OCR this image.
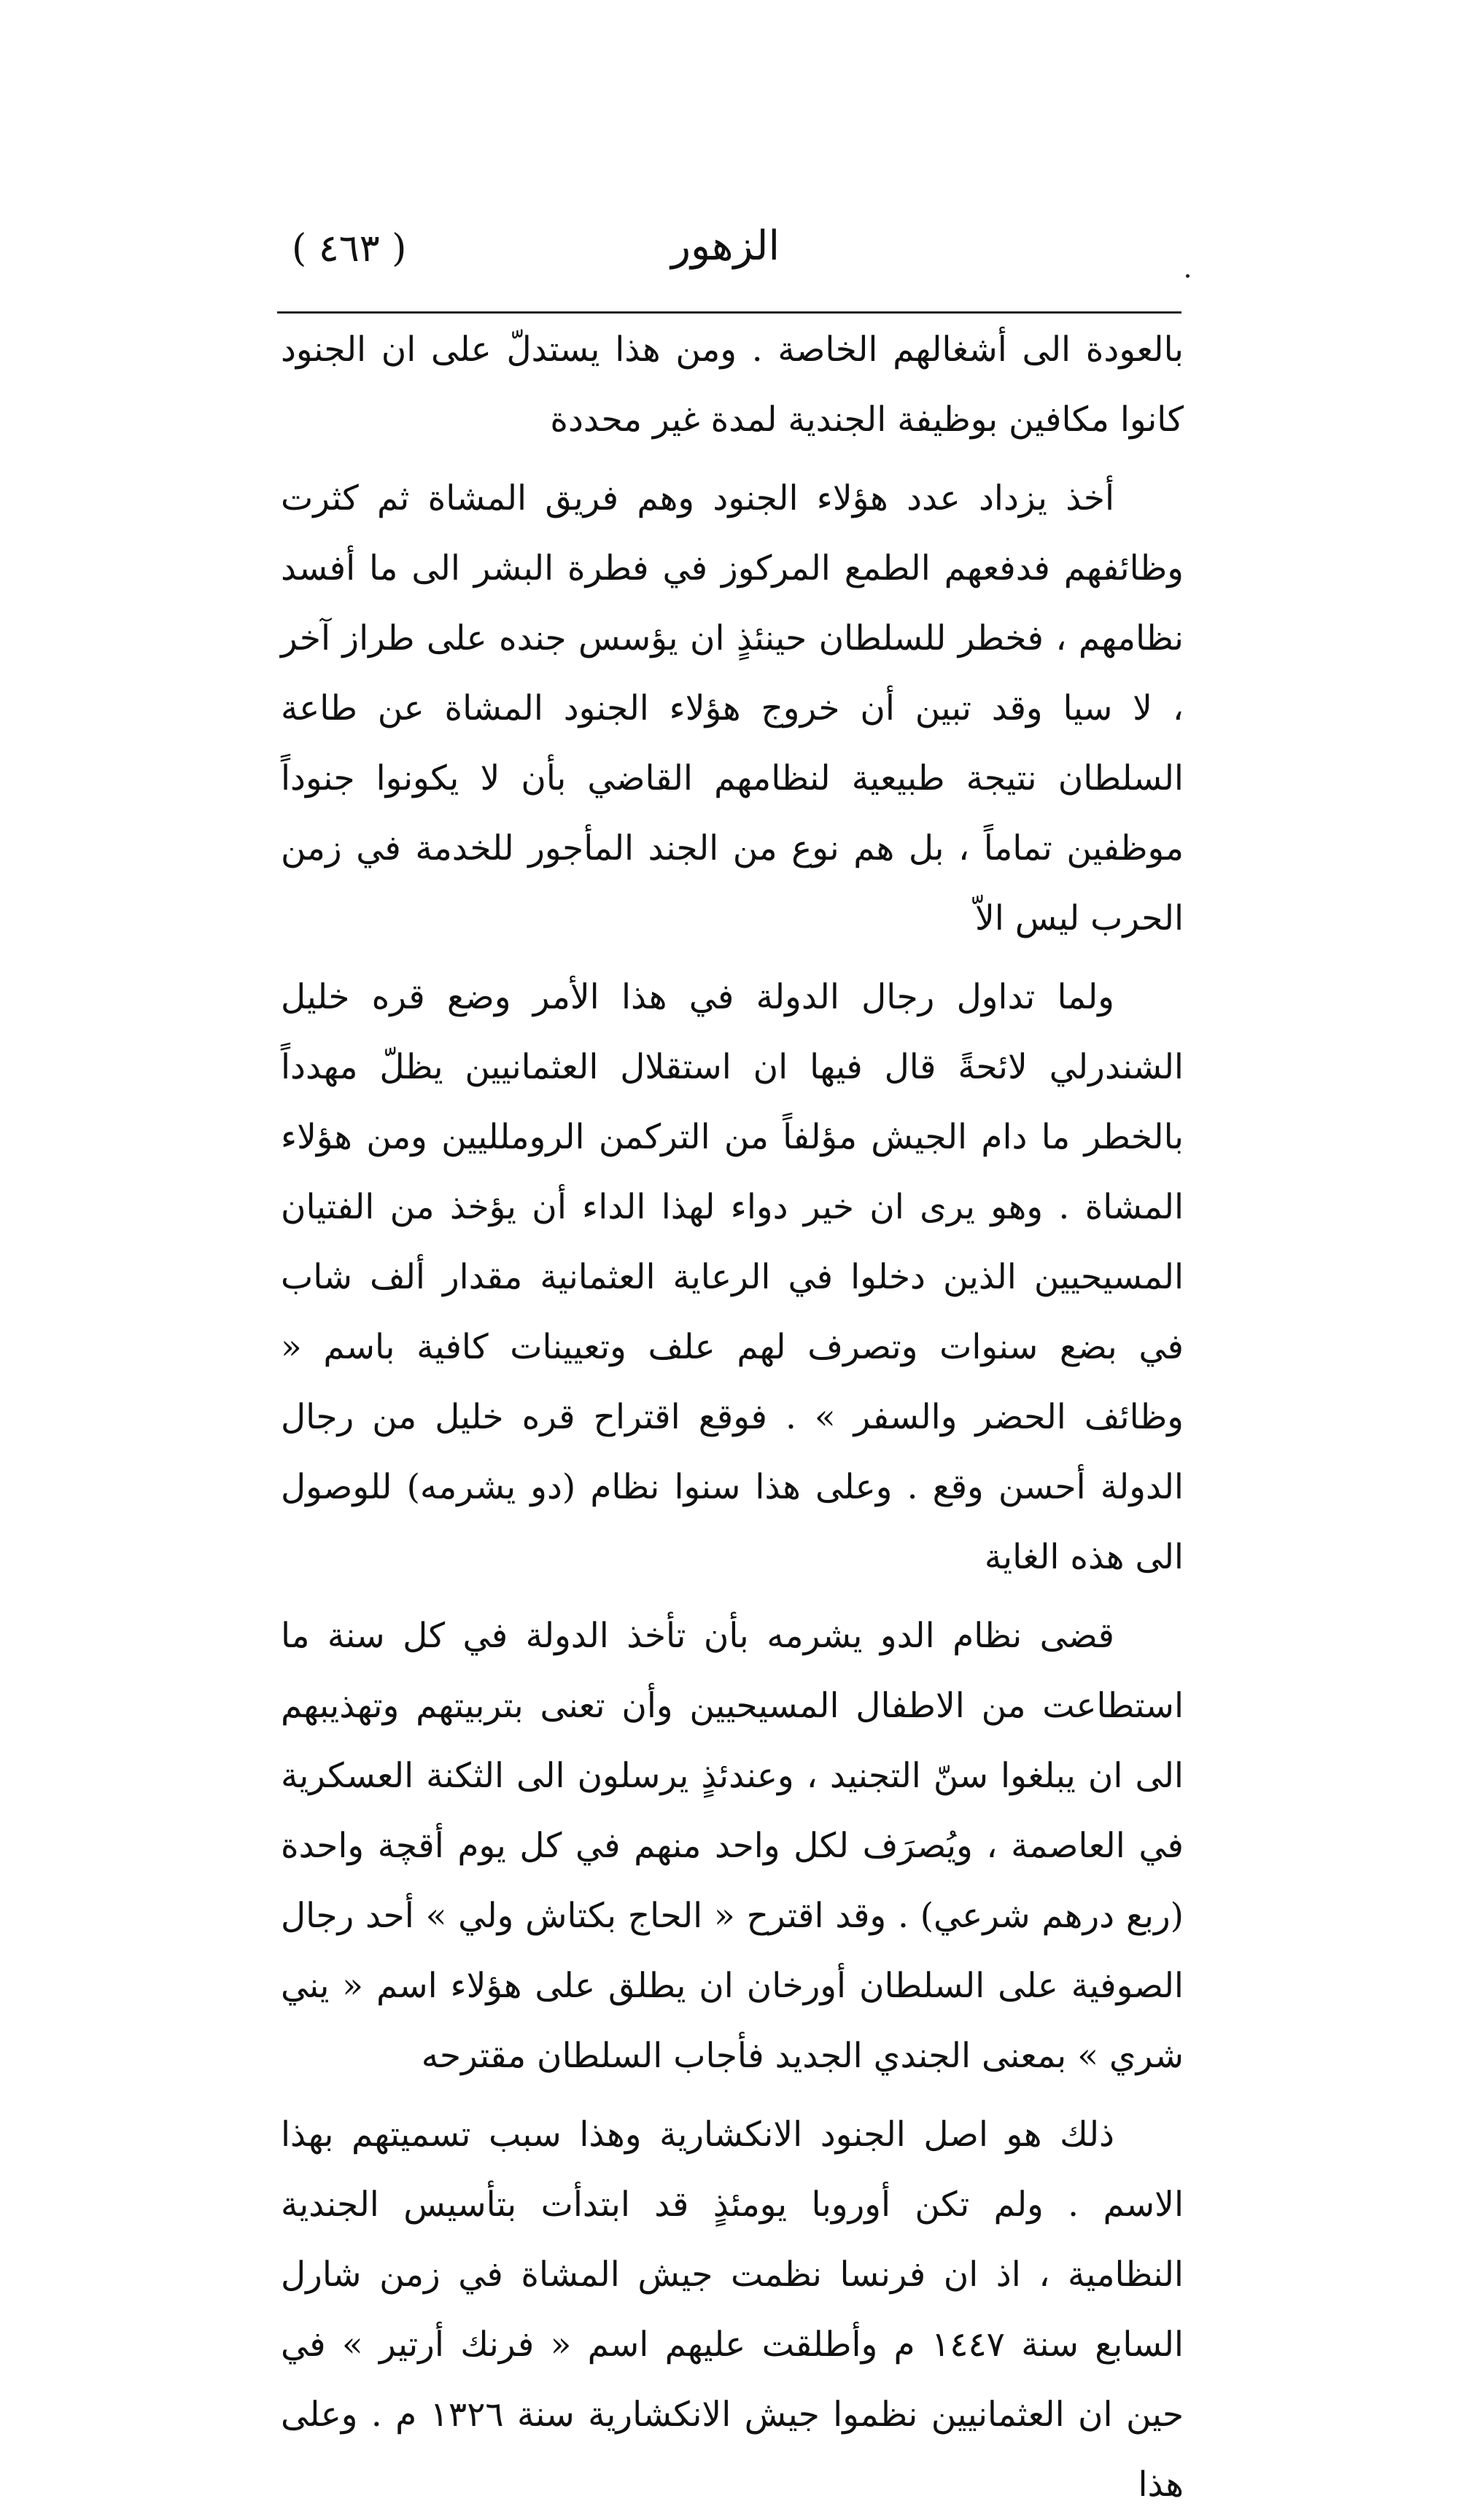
( ٤٦٣ )	الزهور

بالعودة الى أشغالهم الخاصة . ومن هذا يستدلّ على ان الجنود كانوا مكافين بوظيفة الجندية لمدة غير محددة

أخذ يزداد عدد هؤلاء الجنود وهم فريق المشاة ثم كثرت وظائفهم فدفعهم الطمع المركوز في فطرة البشر الى ما أفسد نظامهم ، فخطر للسلطان حينئذٍ ان يؤسس جنده على طراز آخر ، لا سيا وقد تبين أن خروج هؤلاء الجنود المشاة عن طاعة السلطان نتيجة طبيعية لنظامهم القاضي بأن لا يكونوا جنوداً موظفين تماماً ، بل هم نوع من الجند المأجور للخدمة في زمن الحرب ليس الاّ

ولما تداول رجال الدولة في هذا الأمر وضع قره خليل الشندرلي لائحةً قال فيها ان استقلال العثمانيين يظلّ مهدداً بالخطر ما دام الجيش مؤلفاً من التركمن الروملليين ومن هؤلاء المشاة . وهو يرى ان خير دواء لهذا الداء أن يؤخذ من الفتيان المسيحيين الذين دخلوا في الرعاية العثمانية مقدار ألف شاب في بضع سنوات وتصرف لهم علف وتعيينات كافية باسم « وظائف الحضر والسفر » . فوقع اقتراح قره خليل من رجال الدولة أحسن وقع . وعلى هذا سنوا نظام (دو يشرمه) للوصول الى هذه الغاية

قضى نظام الدو يشرمه بأن تأخذ الدولة في كل سنة ما استطاعت من الاطفال المسيحيين وأن تعنى بتربيتهم وتهذيبهم الى ان يبلغوا سنّ التجنيد ، وعندئذٍ يرسلون الى الثكنة العسكرية في العاصمة ، ويُصرَف لكل واحد منهم في كل يوم أقچة واحدة (ربع درهم شرعي) . وقد اقترح « الحاج بكتاش ولي » أحد رجال الصوفية على السلطان أورخان ان يطلق على هؤلاء اسم « يني شري » بمعنى الجندي الجديد فأجاب السلطان مقترحه

ذلك هو اصل الجنود الانكشارية وهذا سبب تسميتهم بهذا الاسم . ولم تكن أوروبا يومئذٍ قد ابتدأت بتأسيس الجندية النظامية ، اذ ان فرنسا نظمت جيش المشاة في زمن شارل السابع سنة ١٤٤٧ م وأطلقت عليهم اسم « فرنك أرتير » في حين ان العثمانيين نظموا جيش الانكشارية سنة ١٣٢٦ م . وعلى هذا
